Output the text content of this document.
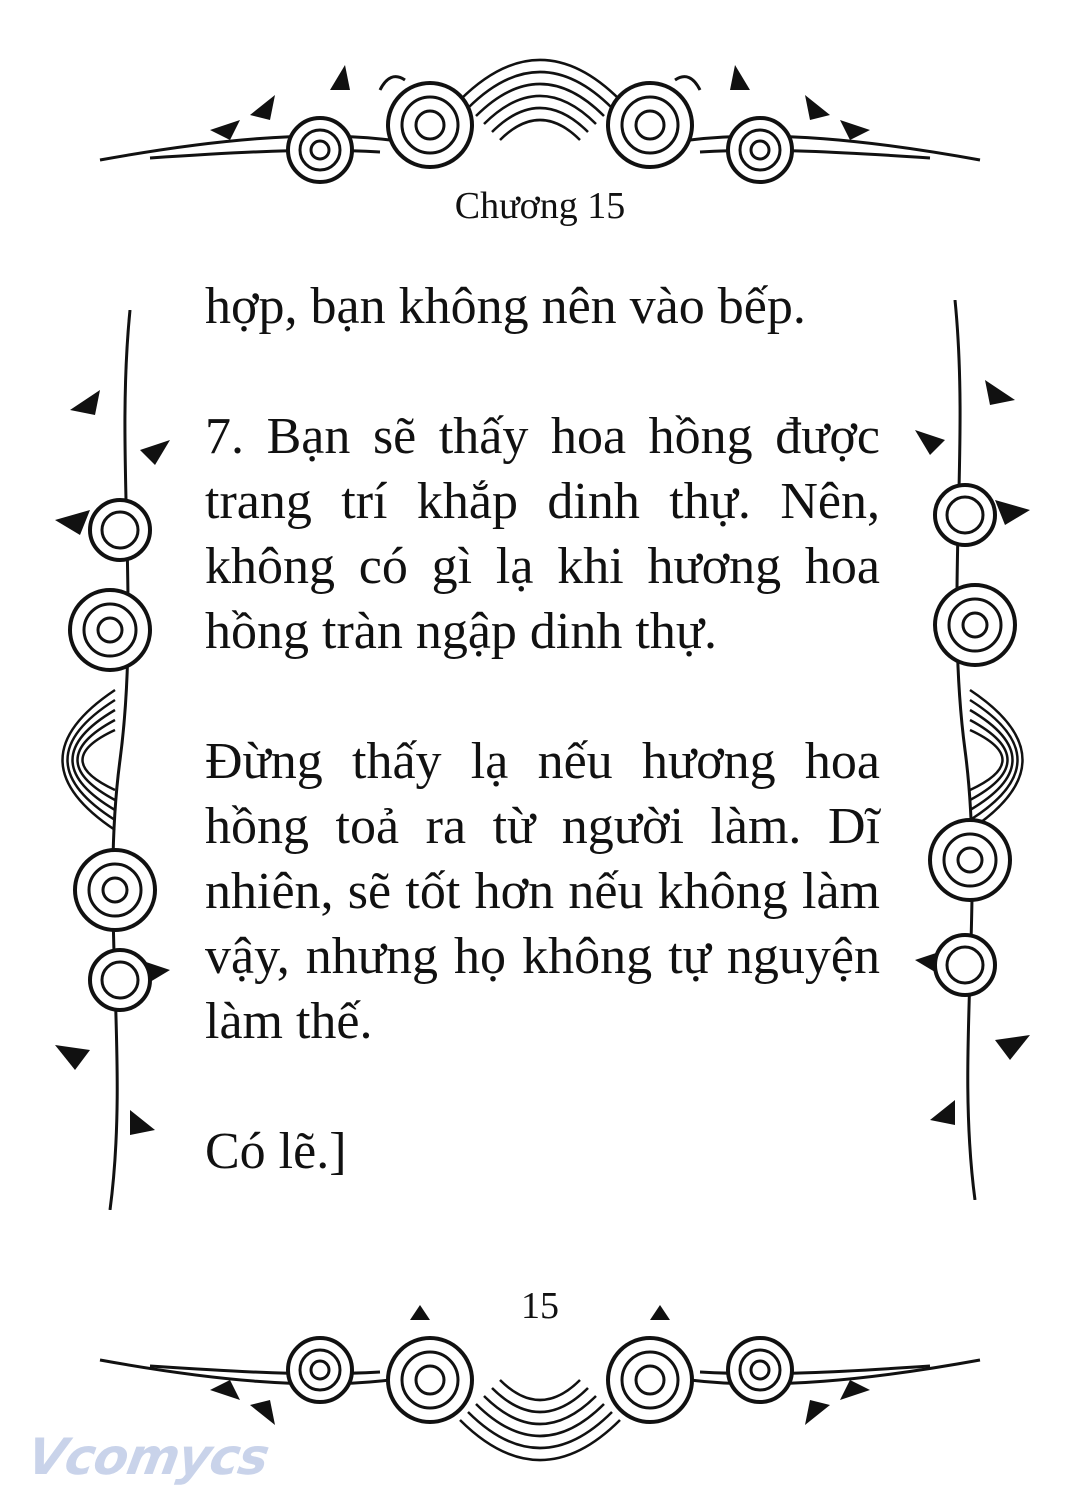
Chương 15

hợp, bạn không nên vào bếp.

7. Bạn sẽ thấy hoa hồng được trang trí khắp dinh thự. Nên, không có gì lạ khi hương hoa hồng tràn ngập dinh thự.

Đừng thấy lạ nếu hương hoa hồng toả ra từ người làm. Dĩ nhiên, sẽ tốt hơn nếu không làm vậy, nhưng họ không tự nguyện làm thế.

Có lẽ.]

15
Vcomycs
